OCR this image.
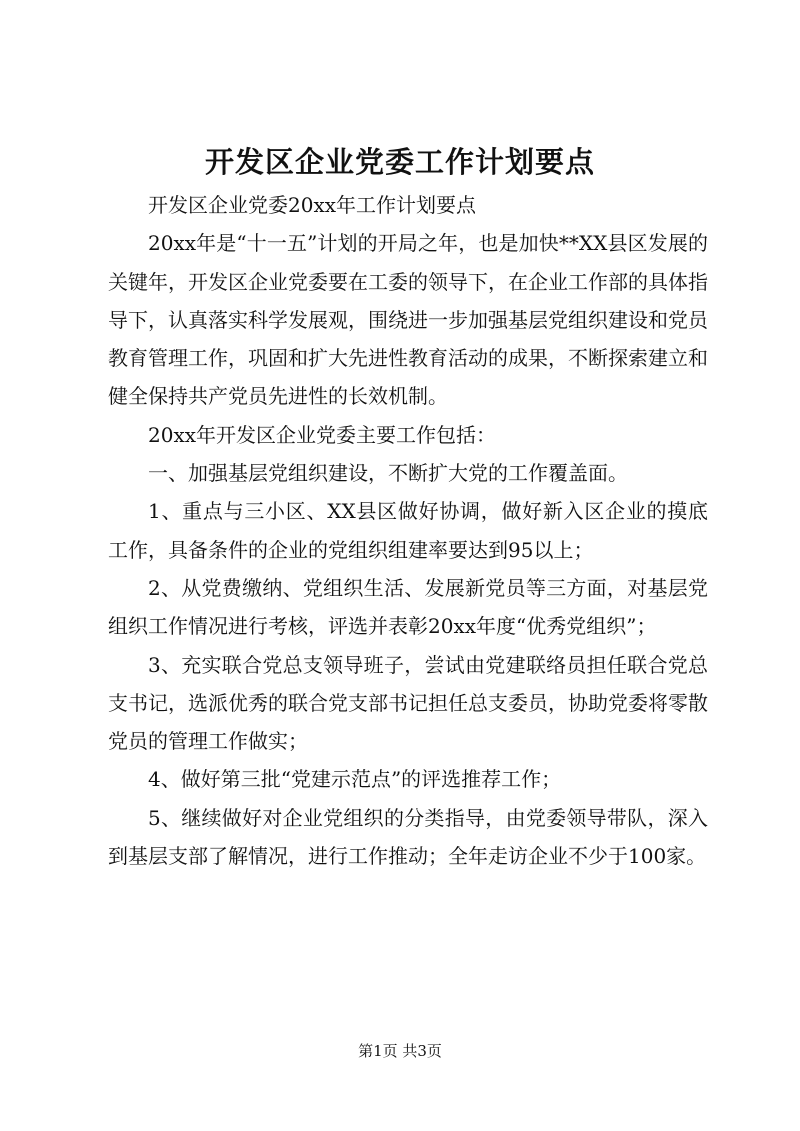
开发区企业党委工作计划要点

开发区企业党委20xx年工作计划要点

20xx年是“十一五”计划的开局之年，也是加快**XX县区发展的关键年，开发区企业党委要在工委的领导下，在企业工作部的具体指导下，认真落实科学发展观，围绕进一步加强基层党组织建设和党员教育管理工作，巩固和扩大先进性教育活动的成果，不断探索建立和健全保持共产党员先进性的长效机制。

20xx年开发区企业党委主要工作包括：

一、加强基层党组织建设，不断扩大党的工作覆盖面。

1、重点与三小区、XX县区做好协调，做好新入区企业的摸底工作，具备条件的企业的党组织组建率要达到95以上；

2、从党费缴纳、党组织生活、发展新党员等三方面，对基层党组织工作情况进行考核，评选并表彰20xx年度“优秀党组织”；

3、充实联合党总支领导班子，尝试由党建联络员担任联合党总支书记，选派优秀的联合党支部书记担任总支委员，协助党委将零散党员的管理工作做实；

4、做好第三批“党建示范点”的评选推荐工作；

5、继续做好对企业党组织的分类指导，由党委领导带队，深入到基层支部了解情况，进行工作推动；全年走访企业不少于100家。

第1页 共3页
